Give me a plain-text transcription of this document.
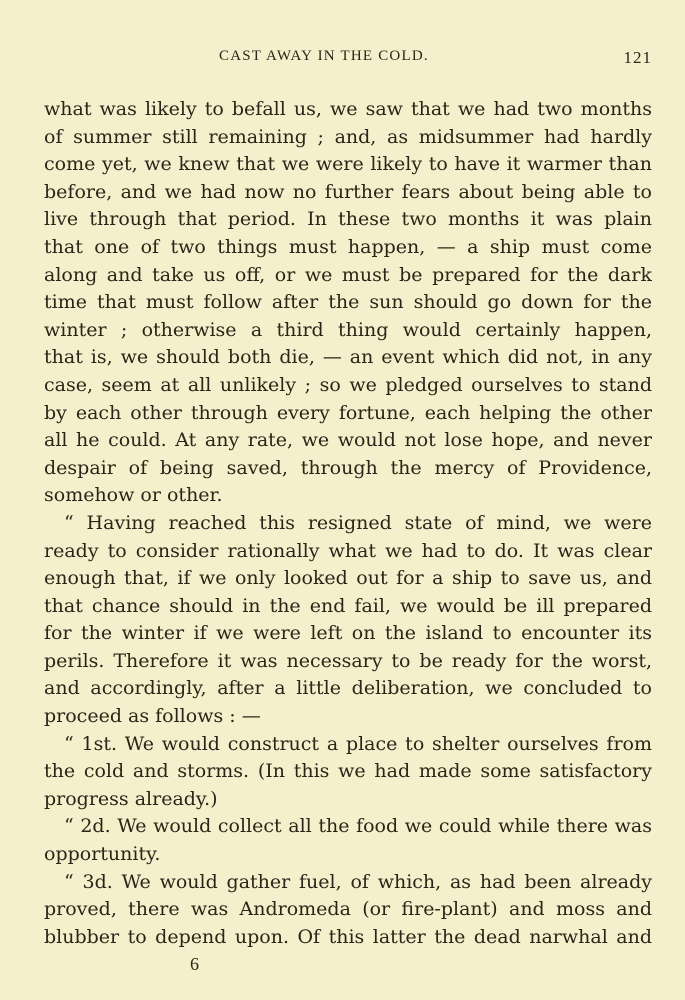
CAST AWAY IN THE COLD.	121
what was likely to befall us, we saw that we had two months
of summer still remaining ; and, as midsummer had hardly
come yet, we knew that we were likely to have it warmer than
before, and we had now no further fears about being able to
live through that period. In these two months it was plain
that one of two things must happen, — a ship must come
along and take us off, or we must be prepared for the dark
time that must follow after the sun should go down for the
winter ; otherwise a third thing would certainly happen,
that is, we should both die, — an event which did not, in any
case, seem at all unlikely ; so we pledged ourselves to stand
by each other through every fortune, each helping the other
all he could. At any rate, we would not lose hope, and never
despair of being saved, through the mercy of Providence,
somehow or other.
“ Having reached this resigned state of mind, we were
ready to consider rationally what we had to do. It was clear
enough that, if we only looked out for a ship to save us, and
that chance should in the end fail, we would be ill prepared
for the winter if we were left on the island to encounter its
perils. Therefore it was necessary to be ready for the worst,
and accordingly, after a little deliberation, we concluded to
proceed as follows : —
“ 1st. We would construct a place to shelter ourselves from
the cold and storms. (In this we had made some satisfactory
progress already.)
“ 2d. We would collect all the food we could while there was
opportunity.
“ 3d. We would gather fuel, of which, as had been already
proved, there was Andromeda (or fire-plant) and moss and
blubber to depend upon. Of this latter the dead narwhal and
6
